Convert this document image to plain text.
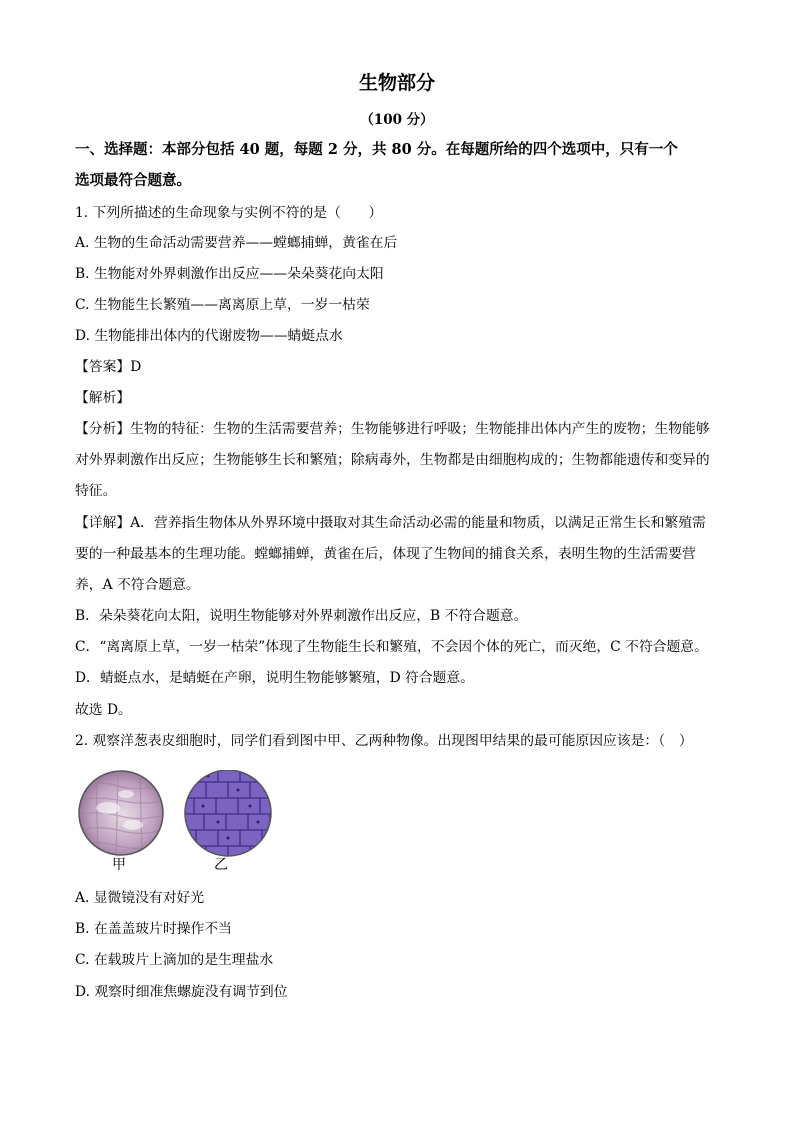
生物部分
（100 分）
一、选择题：本部分包括 40 题，每题 2 分，共 80 分。在每题所给的四个选项中，只有一个
选项最符合题意。
1. 下列所描述的生命现象与实例不符的是（　　）
A. 生物的生命活动需要营养——螳螂捕蝉，黄雀在后
B. 生物能对外界刺激作出反应——朵朵葵花向太阳
C. 生物能生长繁殖——离离原上草，一岁一枯荣
D. 生物能排出体内的代谢废物——蜻蜓点水
【答案】D
【解析】
【分析】生物的特征：生物的生活需要营养；生物能够进行呼吸；生物能排出体内产生的废物；生物能够
对外界刺激作出反应；生物能够生长和繁殖；除病毒外，生物都是由细胞构成的；生物都能遗传和变异的
特征。
【详解】A．营养指生物体从外界环境中摄取对其生命活动必需的能量和物质，以满足正常生长和繁殖需
要的一种最基本的生理功能。螳螂捕蝉，黄雀在后，体现了生物间的捕食关系，表明生物的生活需要营
养，A 不符合题意。
B．朵朵葵花向太阳，说明生物能够对外界刺激作出反应，B 不符合题意。
C．“离离原上草，一岁一枯荣”体现了生物能生长和繁殖，不会因个体的死亡，而灭绝，C 不符合题意。
D．蜻蜓点水，是蜻蜓在产卵，说明生物能够繁殖，D 符合题意。
故选 D。
2. 观察洋葱表皮细胞时，同学们看到图中甲、乙两种物像。出现图甲结果的最可能原因应该是：（　）
甲	乙
A. 显微镜没有对好光
B. 在盖盖玻片时操作不当
C. 在载玻片上滴加的是生理盐水
D. 观察时细准焦螺旋没有调节到位
